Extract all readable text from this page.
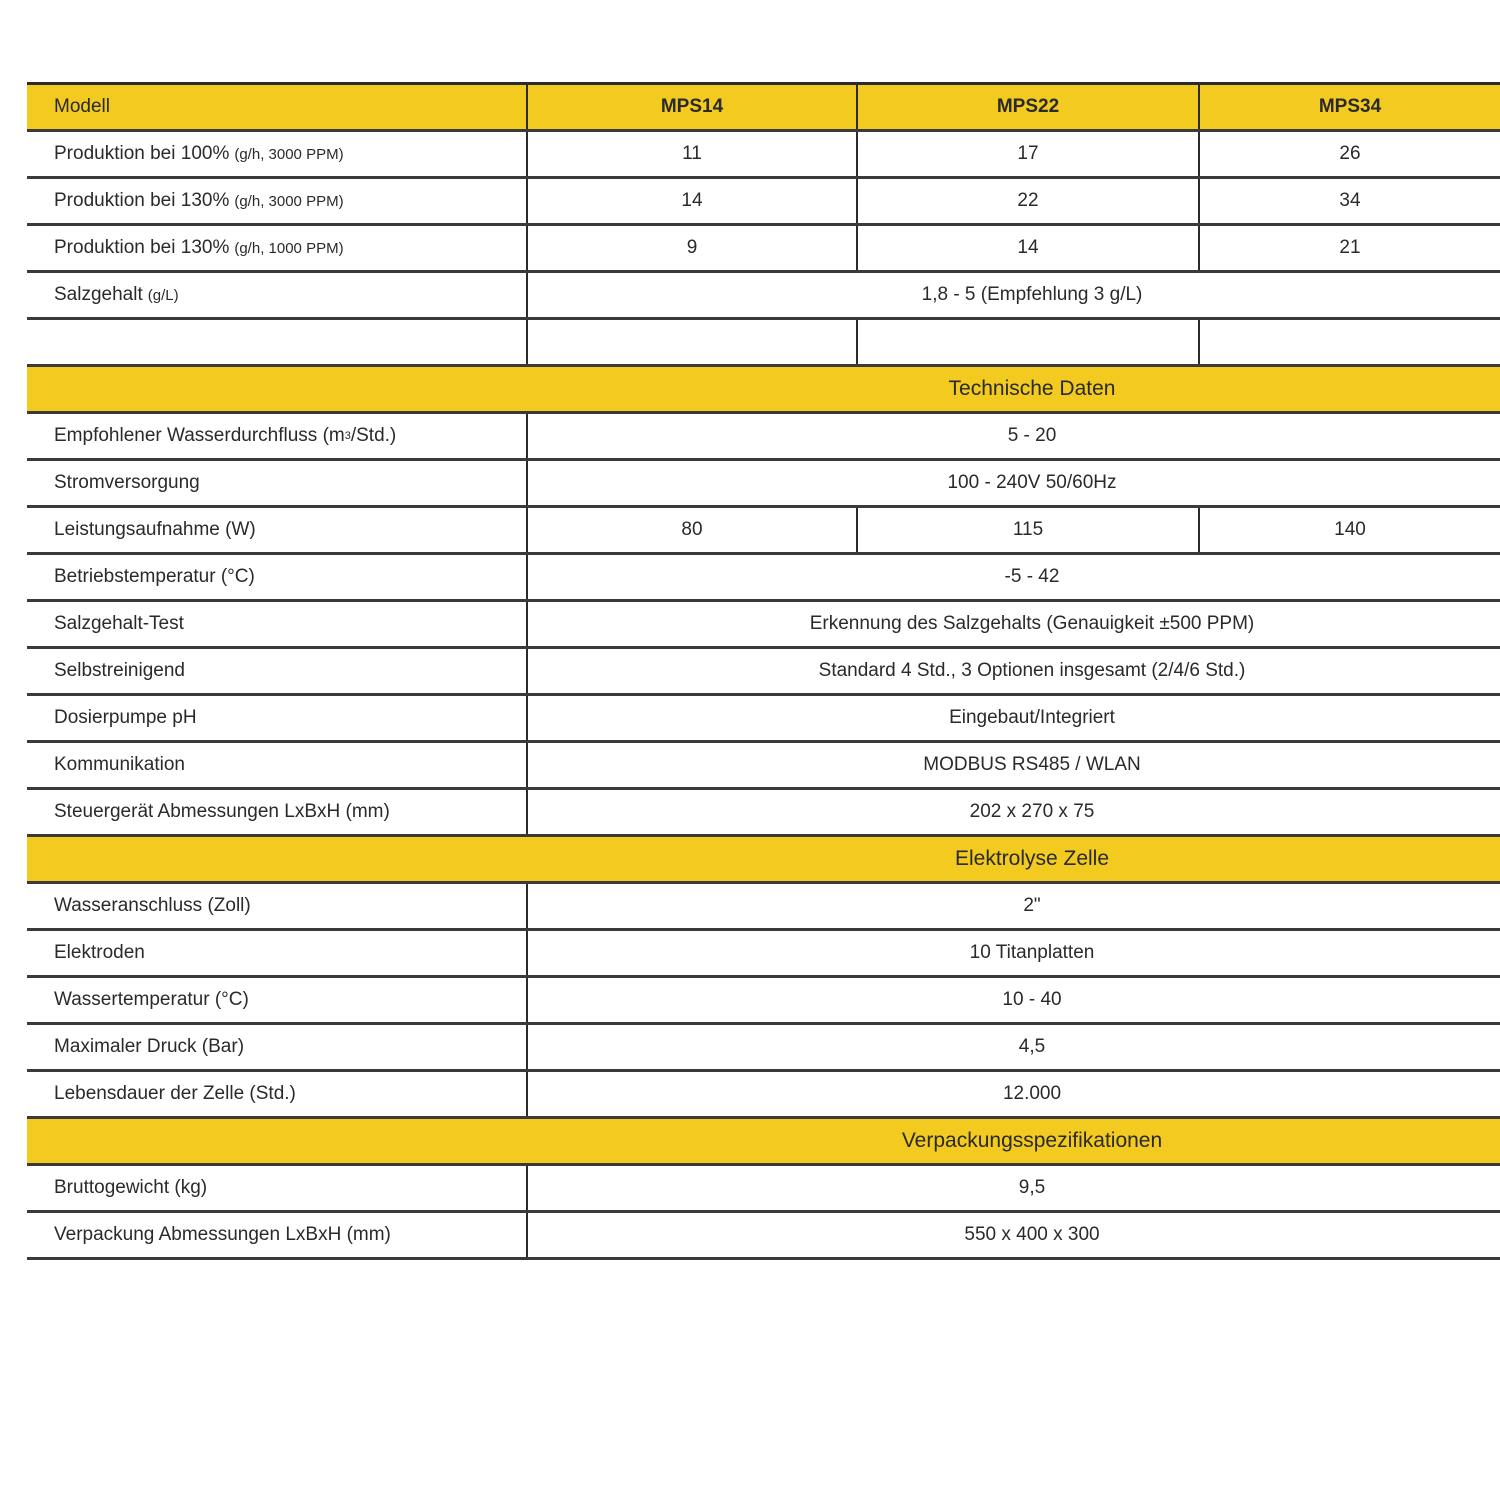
Modell	MPS14	MPS22	MPS34
Produktion bei 100% (g/h, 3000 PPM)	11	17	26
Produktion bei 130% (g/h, 3000 PPM)	14	22	34
Produktion bei 130% (g/h, 1000 PPM)	9	14	21
Salzgehalt (g/L)	1,8 - 5 (Empfehlung 3 g/L)
Technische Daten
Empfohlener Wasserdurchfluss (m 3 /Std.)	5 - 20
Stromversorgung	100 - 240V 50/60Hz
Leistungsaufnahme (W)	80	115	140
Betriebstemperatur (°C)	-5 - 42
Salzgehalt-Test	Erkennung des Salzgehalts (Genauigkeit ±500 PPM)
Selbstreinigend	Standard 4 Std., 3 Optionen insgesamt (2/4/6 Std.)
Dosierpumpe pH	Eingebaut/Integriert
Kommunikation	MODBUS RS485 / WLAN
Steuergerät Abmessungen LxBxH (mm)	202 x 270 x 75
Elektrolyse Zelle
Wasseranschluss (Zoll)	2"
Elektroden	10 Titanplatten
Wassertemperatur (°C)	10 - 40
Maximaler Druck (Bar)	4,5
Lebensdauer der Zelle (Std.)	12.000
Verpackungsspezifikationen
Bruttogewicht (kg)	9,5
Verpackung Abmessungen LxBxH (mm)	550 x 400 x 300
